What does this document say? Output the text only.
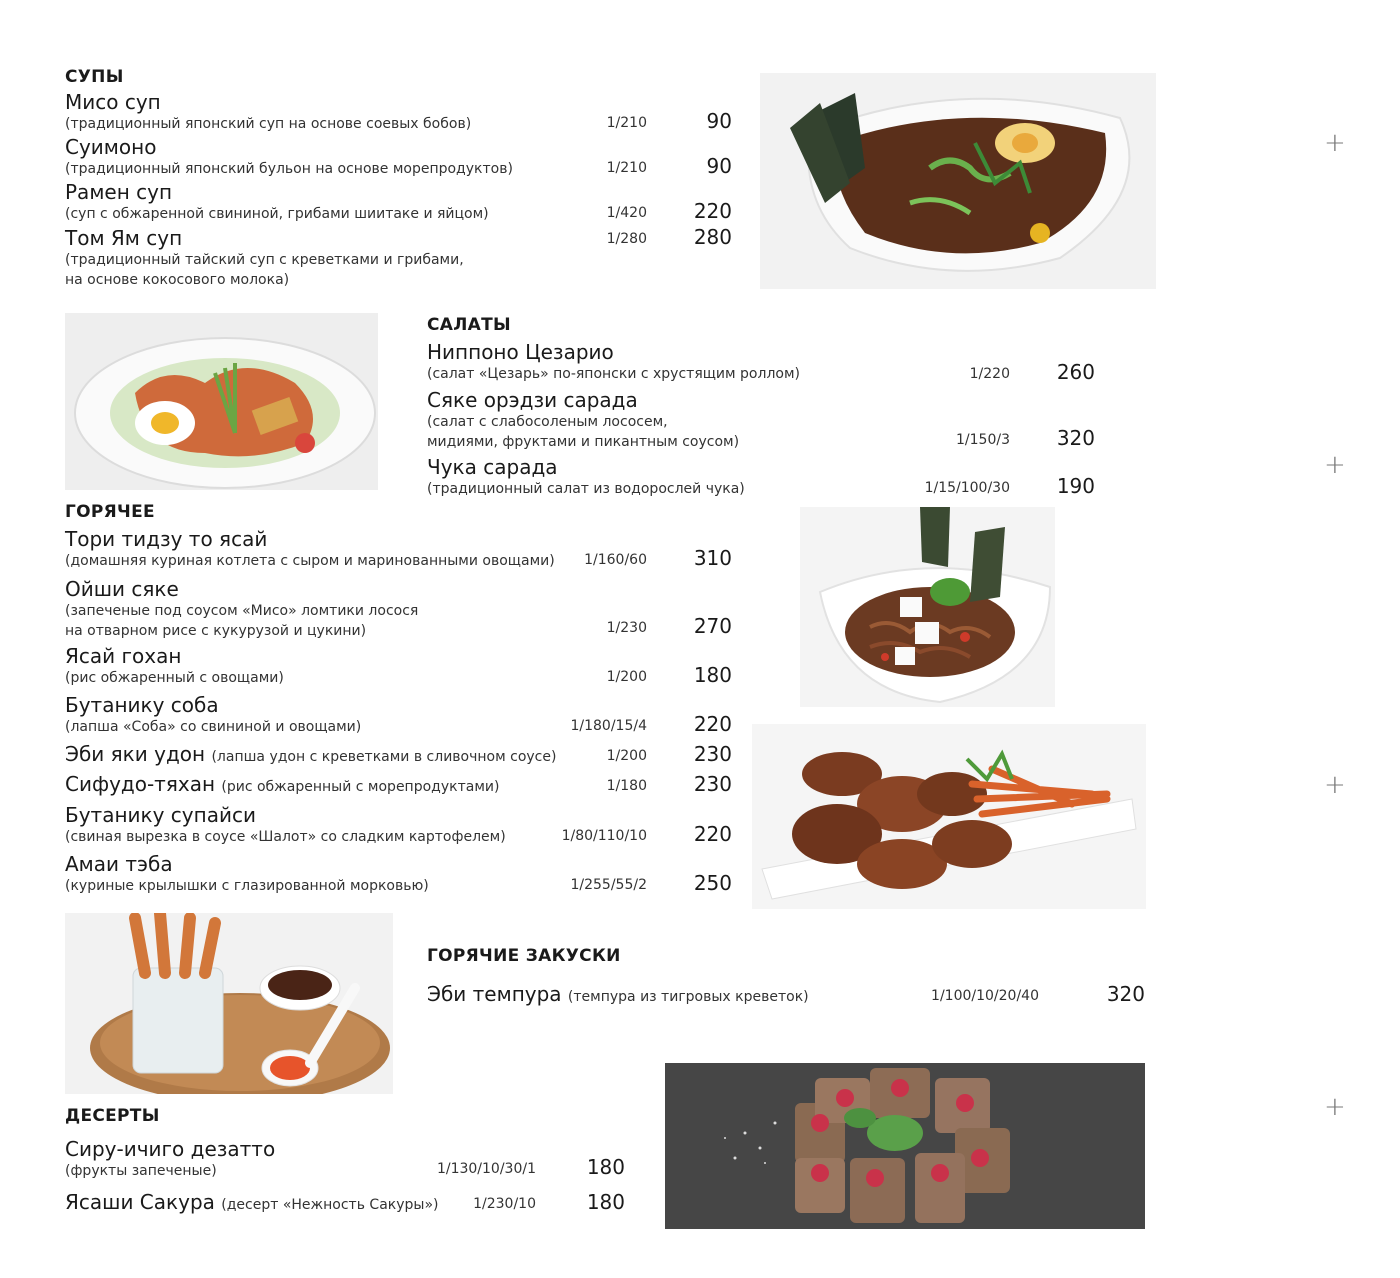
СУПЫ
Мисо суп
(традиционный японский суп на основе соевых бобов)	1/210	90
Суимоно
(традиционный японский бульон на основе морепродуктов)	1/210	90
Рамен суп
(суп с обжаренной свининой, грибами шиитаке и яйцом)	1/420 220
Том Ям суп
(традиционный тайский суп с креветками и грибами,
на основе кокосового молока)
1/280 280
САЛАТЫ
Ниппоно Цезарио
(салат «Цезарь» по-японски с хрустящим роллом)	1/220 260
Сяке орэдзи сарада
(салат с слабосоленым лососем,
мидиями, фруктами и пикантным соусом)	1/150/3 320
Чука сарада
(традиционный салат из водорослей чука)	1/15/100/30 190
ГОРЯЧЕЕ
Тори тидзу то ясай
(домашняя куриная котлета с сыром и маринованными овощами) 1/160/60 310
Ойши сяке
(запеченые под соусом «Мисо» ломтики лосося
на отварном рисе с кукурузой и цукини)	1/230 270
Ясай гохан
(рис обжаренный с овощами)	1/200 180
Бутанику соба
(лапша «Соба» со свининой и овощами)	1/180/15/4 220
Эби яки удон (лапша удон с креветками в сливочном соусе)	1/200 230
Сифудо-тяхан (рис обжаренный с морепродуктами)	1/180 230
Бутанику супайси
(свиная вырезка в соусе «Шалот» со сладким картофелем)	1/80/110/10 220
Амаи тэба
(куриные крылышки с глазированной морковью)	1/255/55/2 250
ГОРЯЧИЕ ЗАКУСКИ
Эби темпура (темпура из тигровых креветок)	1/100/10/20/40	320
ДЕСЕРТЫ
Сиру-ичиго дезатто
(фрукты запеченые)	1/130/10/30/1	180
Ясаши Сакура (десерт «Нежность Сакуры») 1/230/10	180
+
+
+
+
